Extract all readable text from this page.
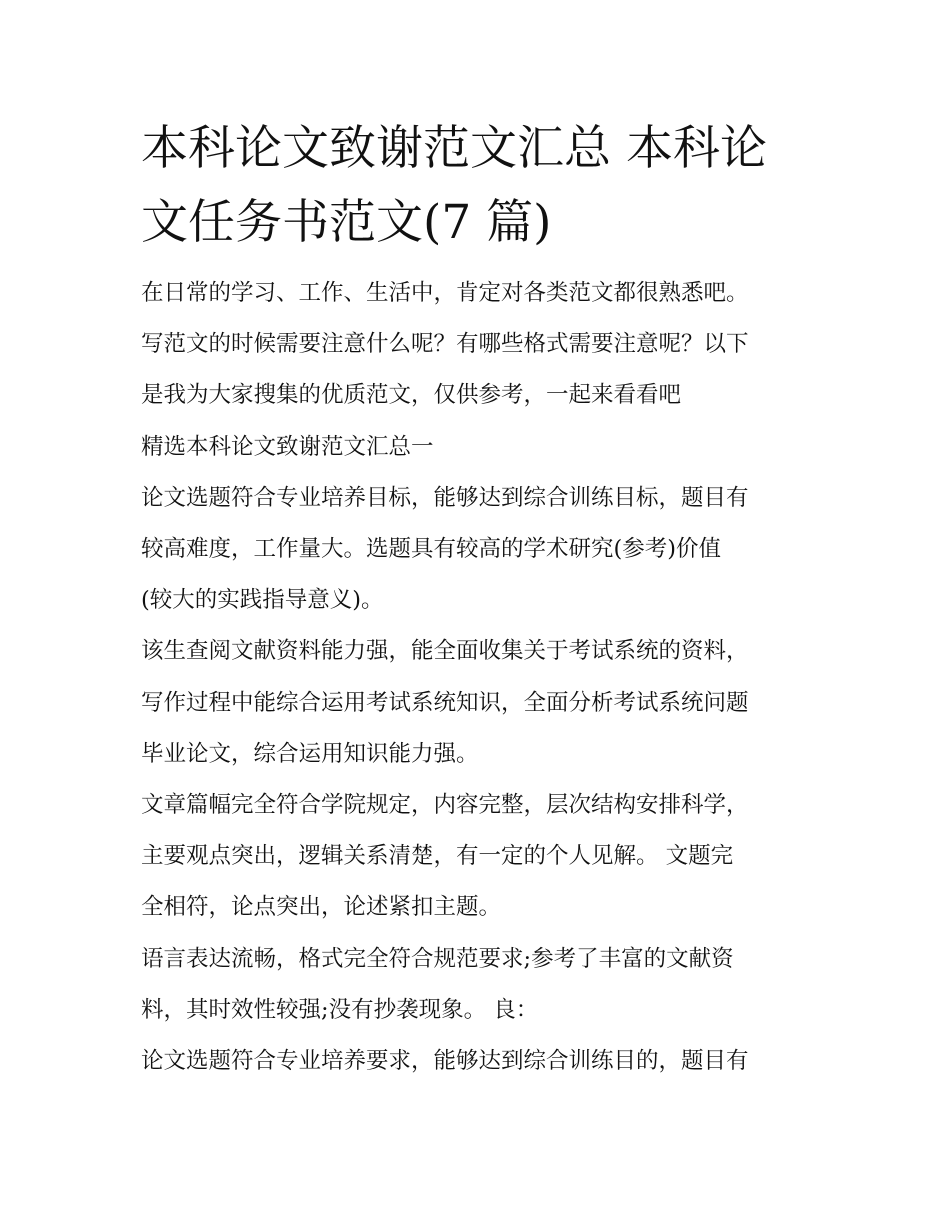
本科论文致谢范文汇总 本科论
文任务书范文(7 篇)

在日常的学习、工作、生活中，肯定对各类范文都很熟悉吧。
写范文的时候需要注意什么呢？有哪些格式需要注意呢？以下
是我为大家搜集的优质范文，仅供参考，一起来看看吧

精选本科论文致谢范文汇总一

论文选题符合专业培养目标，能够达到综合训练目标，题目有
较高难度，工作量大。选题具有较高的学术研究(参考)价值
(较大的实践指导意义)。

该生查阅文献资料能力强，能全面收集关于考试系统的资料，
写作过程中能综合运用考试系统知识，全面分析考试系统问题
毕业论文，综合运用知识能力强。

文章篇幅完全符合学院规定，内容完整，层次结构安排科学，
主要观点突出，逻辑关系清楚，有一定的个人见解。 文题完
全相符，论点突出，论述紧扣主题。

语言表达流畅，格式完全符合规范要求;参考了丰富的文献资
料，其时效性较强;没有抄袭现象。 良：

论文选题符合专业培养要求，能够达到综合训练目的，题目有
